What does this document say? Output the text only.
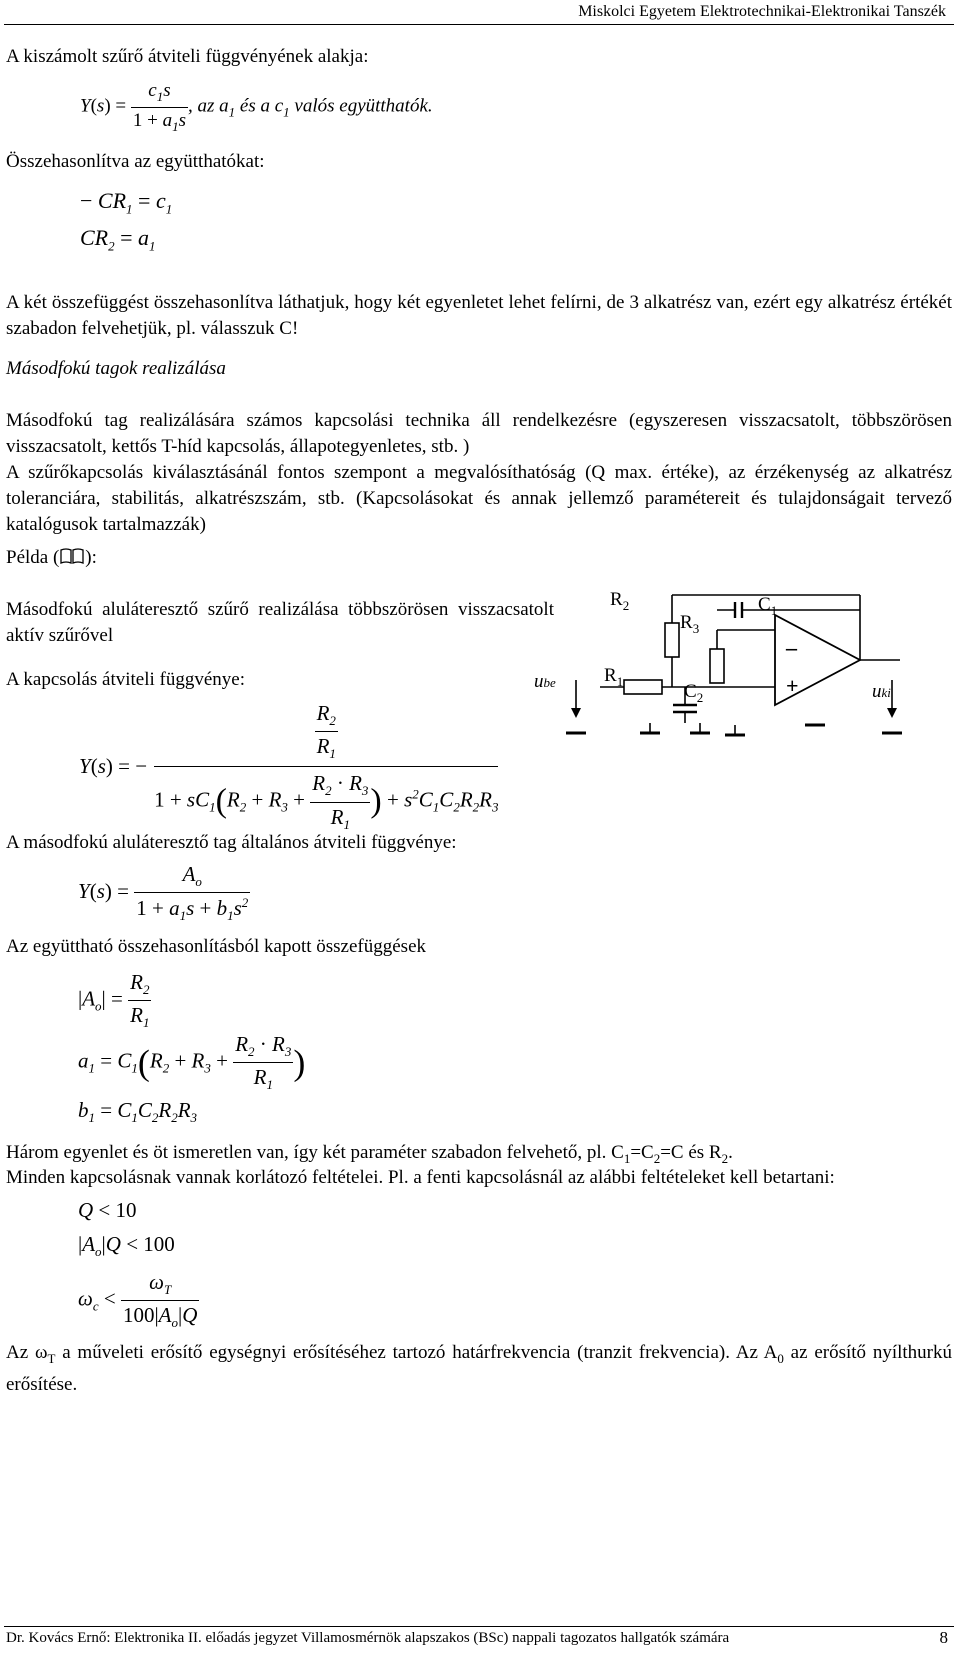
Miskolci Egyetem Elektrotechnikai-Elektronikai Tanszék
A kiszámolt szűrő átviteli függvényének alakja:
$Y(s) = \frac{c_1s}{1 + a_1s}$ , az $a_1$ és a $c_1$ valós együtthatók.
Összehasonlítva az együtthatókat:
− $CR_1 = c_1$
$CR_2 = a_1$
A két összefüggést összehasonlítva láthatjuk, hogy két egyenletet lehet felírni, de 3 alkatrész van, ezért egy alkatrész értékét szabadon felvehetjük, pl. válasszuk C!
Másodfokú tagok realizálása
Másodfokú tag realizálására számos kapcsolási technika áll rendelkezésre (egyszeresen visszacsatolt, többszörösen visszacsatolt, kettős T-híd kapcsolás, állapotegyenletes, stb. )
A szűrőkapcsolás kiválasztásánál fontos szempont a megvalósíthatóság (Q max. értéke), az érzékenység az alkatrész toleranciára, stabilitás, alkatrészszám, stb. (Kapcsolásokat és annak jellemző paramétereit és tulajdonságait tervező katalógusok tartalmazzák)
Példa ( ):
Másodfokú aluláteresztő szűrő realizálása többszörösen visszacsatolt aktív szűrővel
A kapcsolás átviteli függvénye:
$R_2$
$R_3$
$C_1$
$R_1$	$C_2$
ube	uki
–
+
Y(s) = −	
$\frac{R_2}{R_1}$
$1 + sC_1(R_2 + R_3 + \frac{R_2 \cdot R_3}{R_1}$ ) + $s^2C_1C_2R_2R_3$
A másodfokú aluláteresztő tag általános átviteli függvénye:
$Y(s) = \frac{A_o}{1 + a_1s + b_1s^2}$
Az együttható összehasonlításból kapott összefüggések
$|A_o| = \frac{R_2}{R_1}$
$a_1 = C_1(R_2 + R_3 + \frac{R_2 \cdot R_3}{R_1}$ )
$b_1 = C_1C_2R_2R_3$
Három egyenlet és öt ismeretlen van, így két paraméter szabadon felvehető, pl. $C_1=C_2=C$ és $R_2$.
Minden kapcsolásnak vannak korlátozó feltételei. Pl. a fenti kapcsolásnál az alábbi feltételeket kell betartani:
Q < 10
$|A_o|Q < 100$
$\omega_c < \frac{\omega_T}{100|A_o|Q}$
Az $\omega_T$ a műveleti erősítő egységnyi erősítéséhez tartozó határfrekvencia (tranzit frekvencia). Az $A_0$ az erősítő nyílthurkú erősítése.
Dr. Kovács Ernő: Elektronika II. előadás jegyzet Villamosmérnök alapszakos (BSc) nappali tagozatos hallgatók számára	8
